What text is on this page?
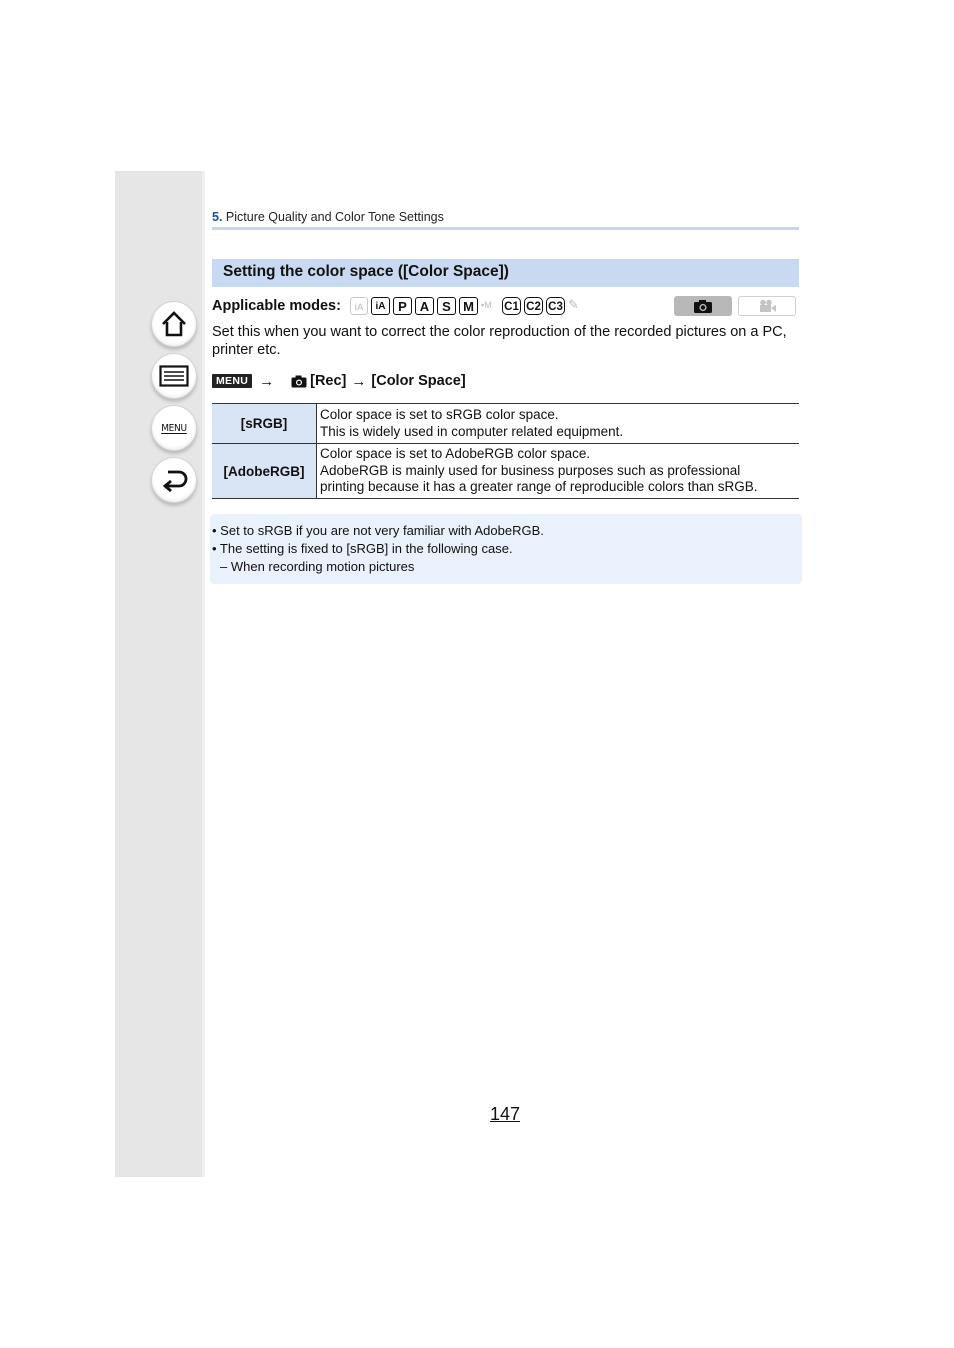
MENU
5. Picture Quality and Color Tone Settings
Setting the color space ([Color Space])
Applicable modes:	iA	iA P A S M ▪M C1 C2 C3 ✎
Set this when you want to correct the color reproduction of the recorded pictures on a PC, printer etc.
MENU → [Rec] → [Color Space]
[sRGB]	Color space is set to sRGB color space.
This is widely used in computer related equipment.

[AdobeRGB]	Color space is set to AdobeRGB color space.
AdobeRGB is mainly used for business purposes such as professional
printing because it has a greater range of reproducible colors than sRGB.
• Set to sRGB if you are not very familiar with AdobeRGB.
• The setting is fixed to [sRGB] in the following case.
– When recording motion pictures
147
